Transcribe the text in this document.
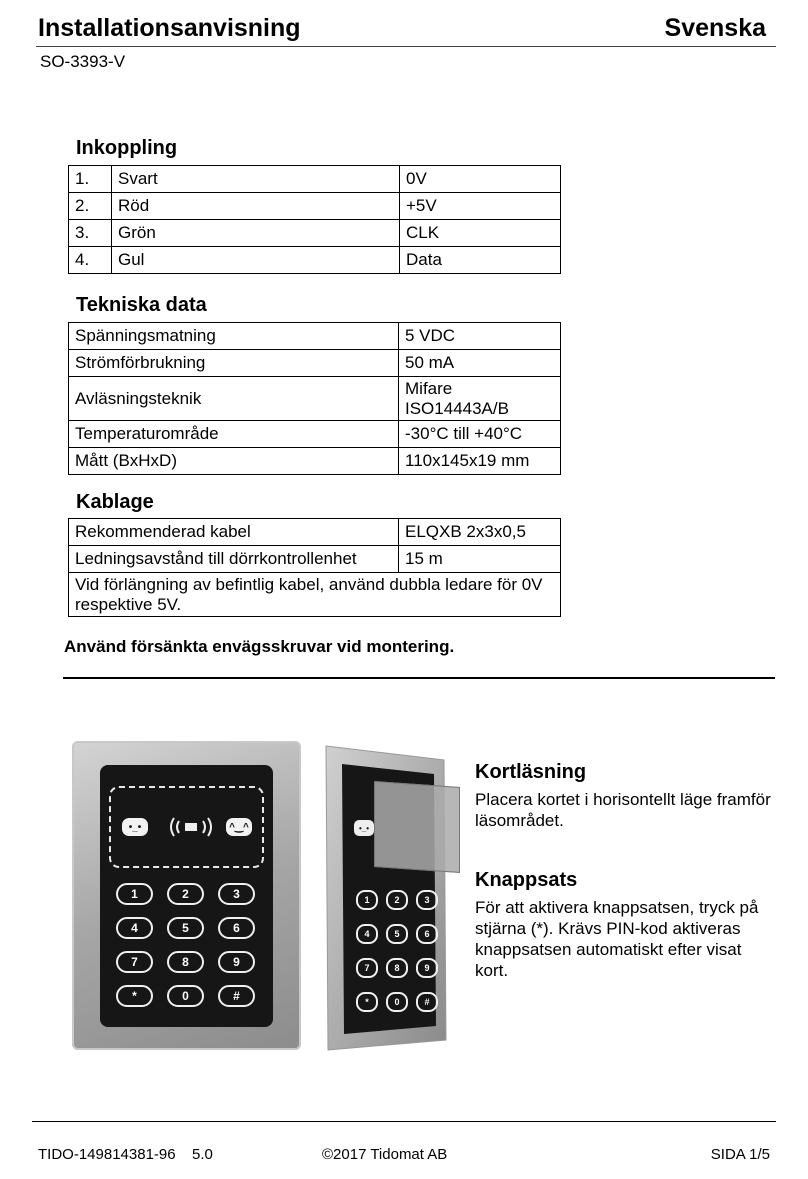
Installationsanvisning	Svenska
SO-3393-V
Inkoppling
1.	Svart	0V
2.	Röd	+5V
3.	Grön	CLK
4.	Gul	Data
Tekniska data
Spänningsmatning	5 VDC
Strömförbrukning	50 mA
Avläsningsteknik	Mifare
ISO14443A/B
Temperaturområde	-30°C till +40°C
Mått (BxHxD)	110x145x19 mm
Kablage
Rekommenderad kabel	ELQXB 2x3x0,5
Ledningsavstånd till dörrkontrollenhet	15 m
Vid förlängning av befintlig kabel, använd dubbla ledare för 0V respektive 5V.	
Använd försänkta envägsskruvar vid montering.
•_•	^‿^
1	2	3
4	5	6
7	8	9
*	0	#
•_•
1	2	3
4	5	6
7	8	9
*	0	#
Kortläsning
Placera kortet i horisontellt läge framför läsområdet.
Knappsats
För att aktivera knappsatsen, tryck på stjärna (*). Krävs PIN-kod aktiveras knappsatsen automatiskt efter visat kort.
TIDO-149814381-96 5.0	©2017 Tidomat AB	SIDA 1/5
